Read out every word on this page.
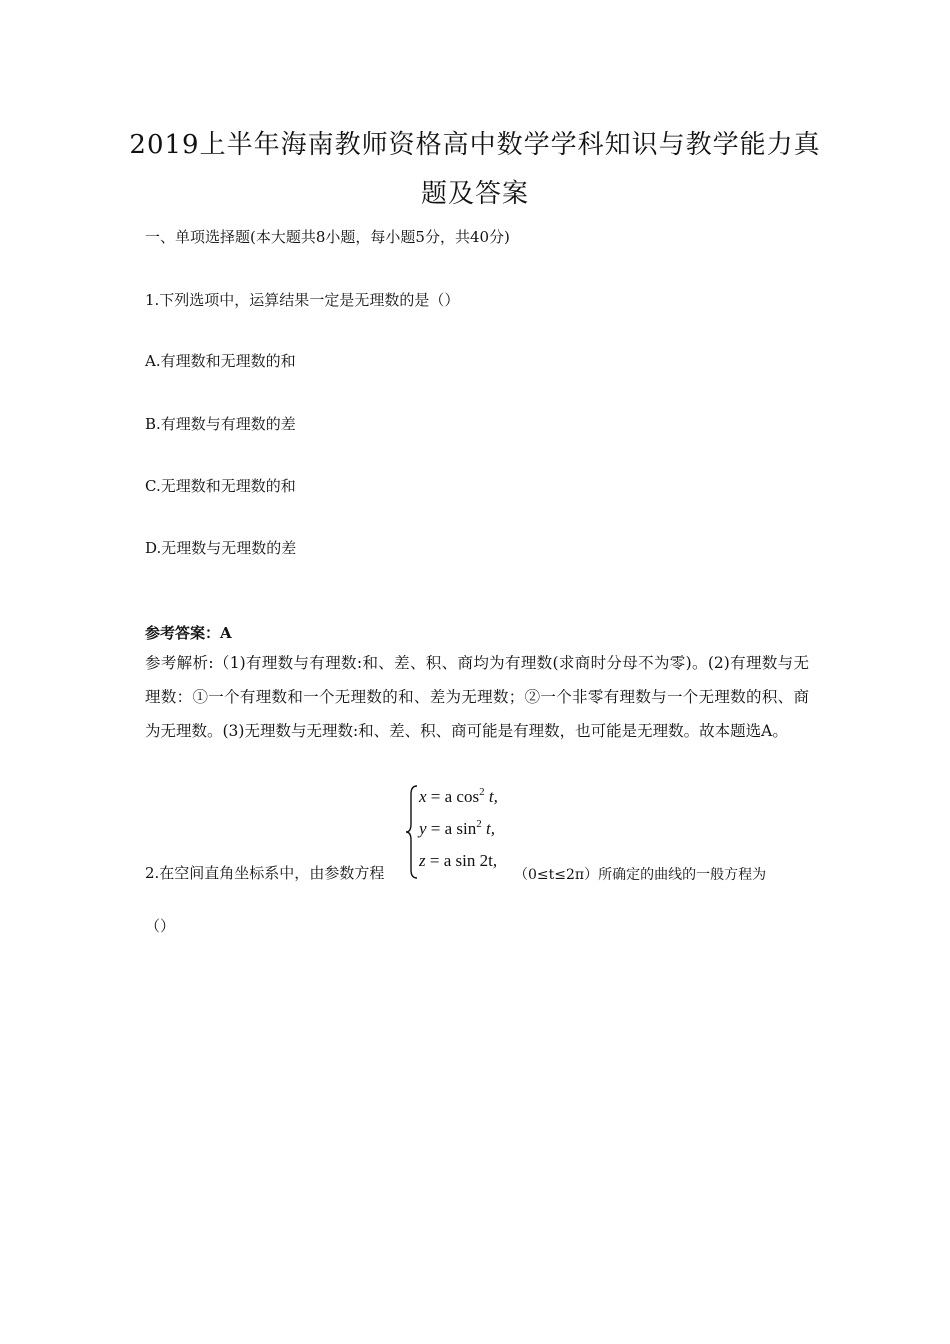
2019上半年海南教师资格高中数学学科知识与教学能力真
题及答案
一、单项选择题(本大题共8小题，每小题5分，共40分)
1.下列选项中，运算结果一定是无理数的是（）
A.有理数和无理数的和
B.有理数与有理数的差
C.无理数和无理数的和
D.无理数与无理数的差
参考答案：A
参考解析:（1)有理数与有理数:和、差、积、商均为有理数(求商时分母不为零)。(2)有理数与无理数：①一个有理数和一个无理数的和、差为无理数；②一个非零有理数与一个无理数的积、商为无理数。(3)无理数与无理数:和、差、积、商可能是有理数，也可能是无理数。故本题选A。
x = a $\cos^2 t$,
y = a $\sin^2 t$,
z = a sin 2t,
2.在空间直角坐标系中，由参数方程	（0≤t≤2π）所确定的曲线的一般方程为
（）
